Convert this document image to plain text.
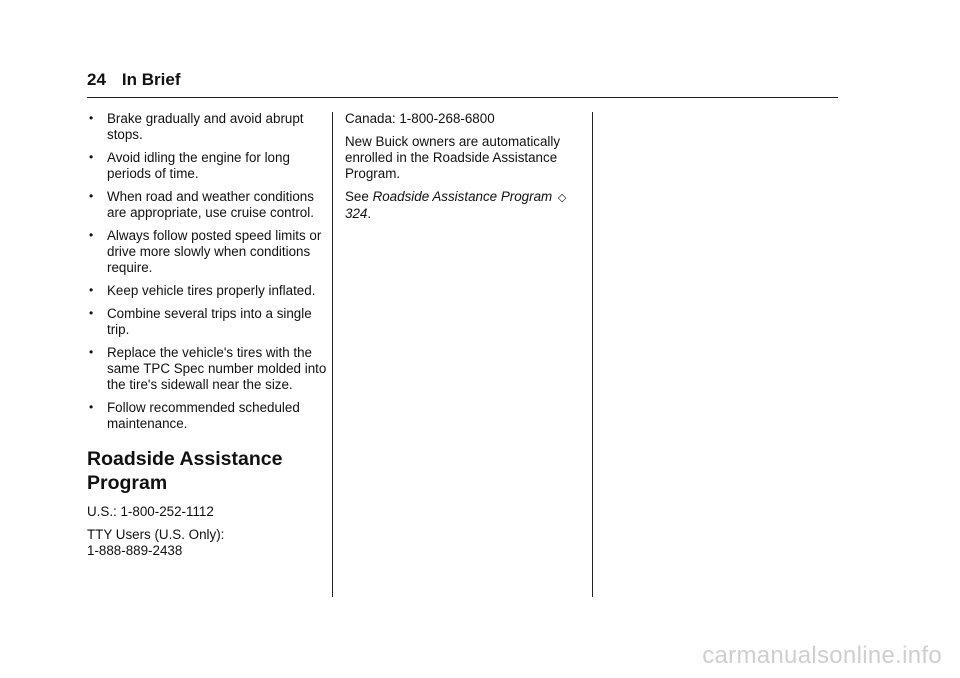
24 In Brief
• Brake gradually and avoid abrupt stops.
• Avoid idling the engine for long periods of time.
• When road and weather conditions are appropriate, use cruise control.
• Always follow posted speed limits or drive more slowly when conditions require.
• Keep vehicle tires properly inflated.
• Combine several trips into a single trip.
• Replace the vehicle's tires with the same TPC Spec number molded into the tire's sidewall near the size.
• Follow recommended scheduled maintenance.
Roadside Assistance Program

U.S.: 1-800-252-1112

TTY Users (U.S. Only):
1-888-889-2438

Canada: 1-800-268-6800

New Buick owners are automatically enrolled in the Roadside Assistance Program.

See Roadside Assistance Program ◇324.

carmanualsonline.info
